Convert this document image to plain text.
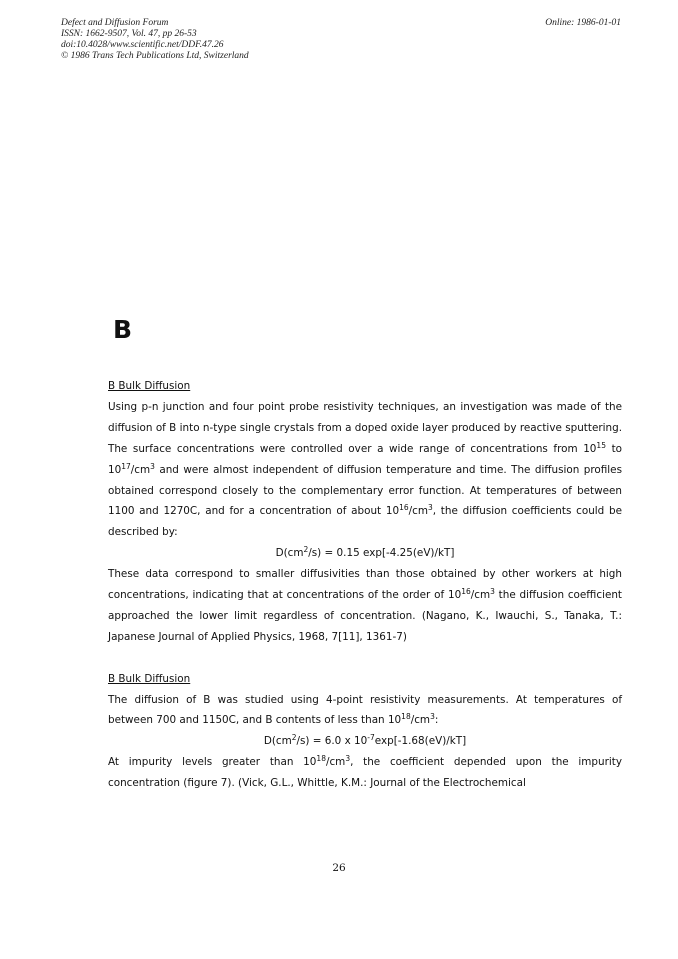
Defect and Diffusion Forum
ISSN: 1662-9507, Vol. 47, pp 26-53
doi:10.4028/www.scientific.net/DDF.47.26
© 1986 Trans Tech Publications Ltd, Switzerland
Online: 1986-01-01
B
B Bulk Diffusion
Using p-n junction and four point probe resistivity techniques, an investigation was made of the diffusion of B into n-type single crystals from a doped oxide layer produced by reactive sputtering. The surface concentrations were controlled over a wide range of concentrations from $10^{15}$ to $10^{17}/cm^3$ and were almost independent of diffusion temperature and time. The diffusion profiles obtained correspond closely to the complementary error function. At temperatures of between 1100 and 1270C, and for a concentration of about $10^{16}/cm^3$, the diffusion coefficients could be described by:
$D(cm^2/s) = 0.15$ exp[-4.25(eV)/kT]
These data correspond to smaller diffusivities than those obtained by other workers at high concentrations, indicating that at concentrations of the order of $10^{16}/cm^3$ the diffusion coefficient approached the lower limit regardless of concentration. (Nagano, K., Iwauchi, S., Tanaka, T.: Japanese Journal of Applied Physics, 1968, 7[11], 1361-7)
B Bulk Diffusion
The diffusion of B was studied using 4-point resistivity measurements. At temperatures of between 700 and 1150C, and B contents of less than $10^{18}/cm^3$:
$D(cm^2/s) = 6.0$ x $10^{-7}\exp[-1.68(eV)/kT]$
At impurity levels greater than $10^{18}/cm^3$, the coefficient depended upon the impurity concentration (figure 7). (Vick, G.L., Whittle, K.M.: Journal of the Electrochemical
26
